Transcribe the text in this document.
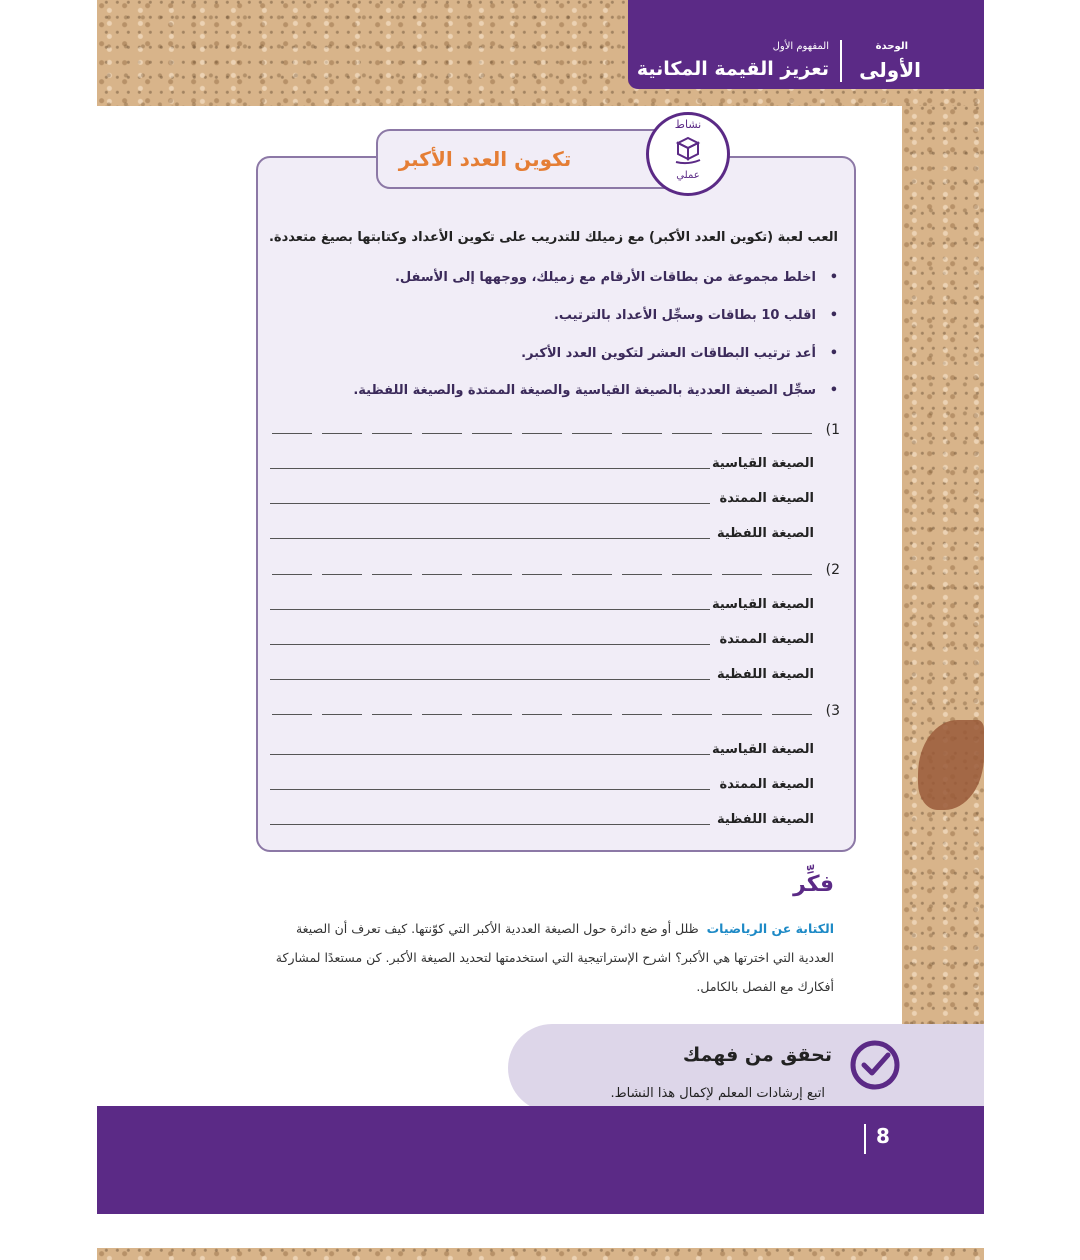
الوحدة
الأولى
المفهوم الأول
تعزيز القيمة المكانية
تكوين العدد الأكبر
نشاط
عملي
العب لعبة (تكوين العدد الأكبر) مع زميلك للتدريب على تكوين الأعداد وكتابتها بصيغ متعددة.
• اخلط مجموعة من بطاقات الأرقام مع زميلك، ووجهها إلى الأسفل.
• اقلب 10 بطاقات وسجِّل الأعداد بالترتيب.
• أعد ترتيب البطاقات العشر لتكوين العدد الأكبر.
• سجِّل الصيغة العددية بالصيغة القياسية والصيغة الممتدة والصيغة اللفظية.
1)
الصيغة القياسية
الصيغة الممتدة
الصيغة اللفظية
2)
الصيغة القياسية
الصيغة الممتدة
الصيغة اللفظية
3)
الصيغة القياسية
الصيغة الممتدة
الصيغة اللفظية
فكِّر
الكتابة عن الرياضيات  ظلل أو ضع دائرة حول الصيغة العددية الأكبر التي كوّنتها. كيف تعرف أن الصيغة العددية التي اخترتها هي الأكبر؟ اشرح الإستراتيجية التي استخدمتها لتحديد الصيغة الأكبر. كن مستعدًا لمشاركة أفكارك مع الفصل بالكامل.
تحقق من فهمك
اتبع إرشادات المعلم لإكمال هذا النشاط.
8
